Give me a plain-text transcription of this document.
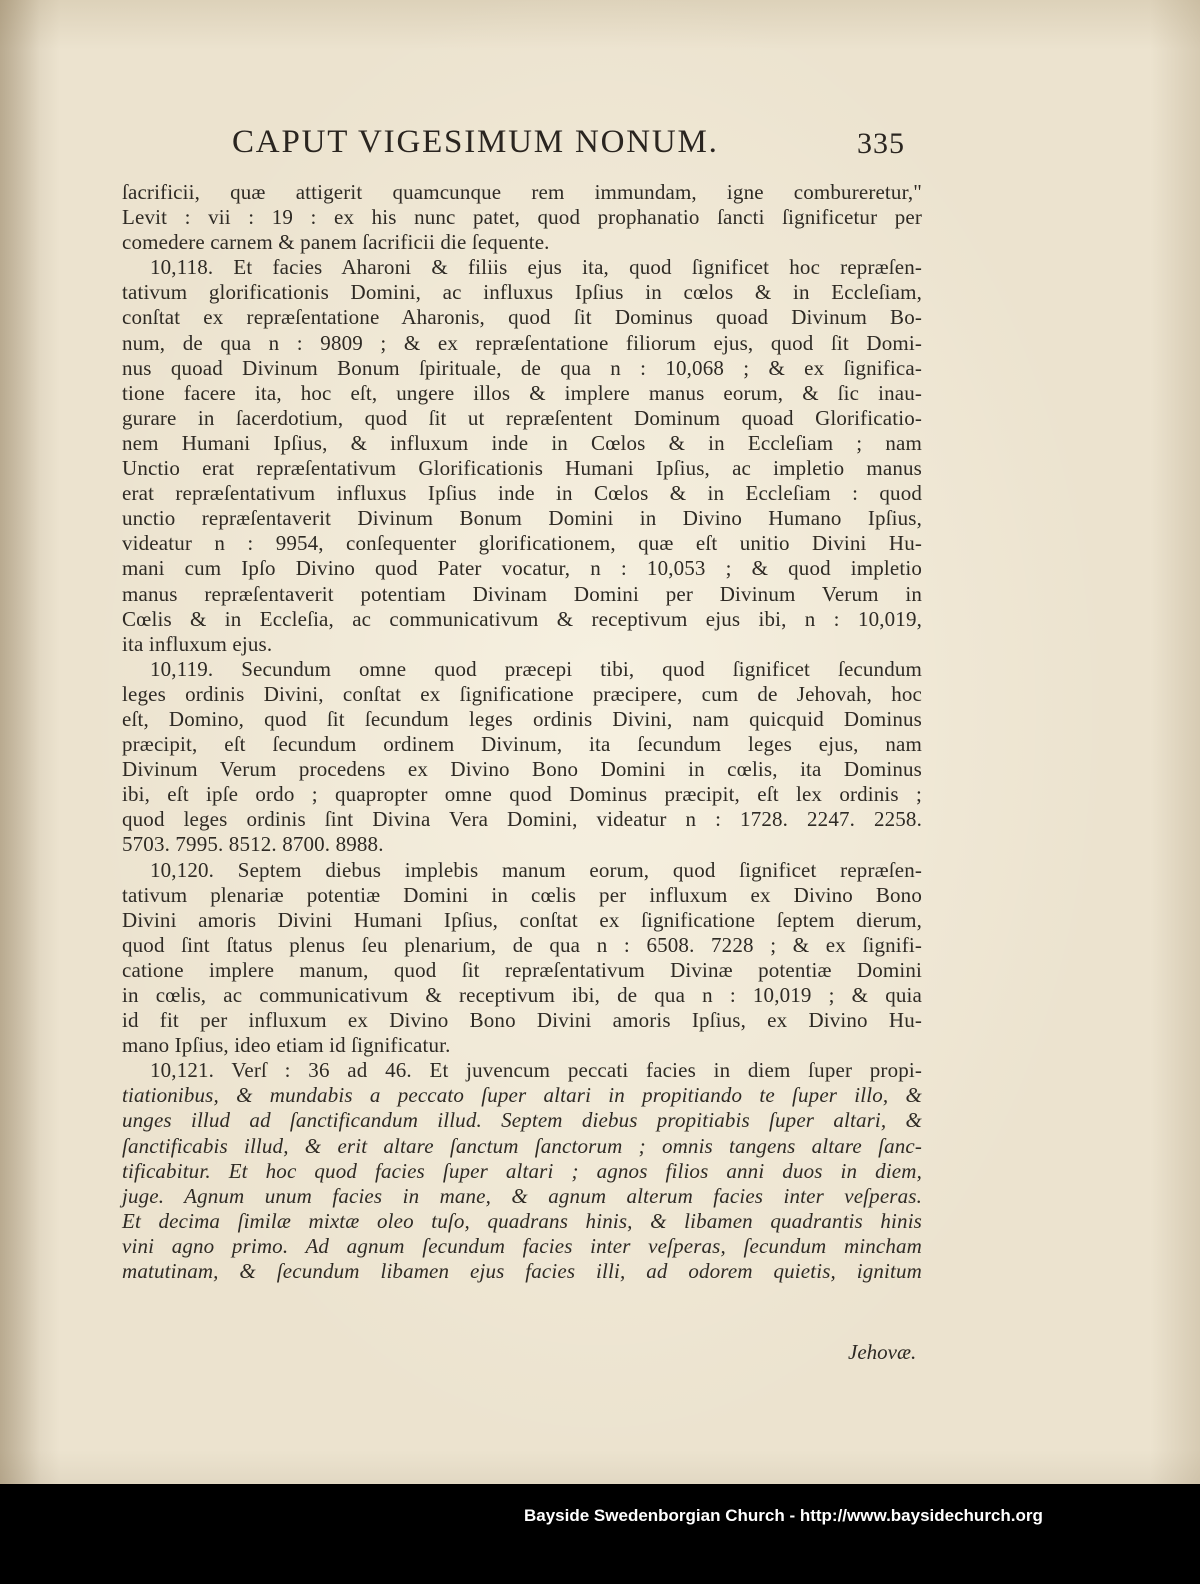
CAPUT VIGESIMUM NONUM.	335
ſacrificii, quæ attigerit quamcunque rem immundam, igne combureretur,"
Levit : vii : 19 : ex his nunc patet, quod prophanatio ſancti ſignificetur per
comedere carnem & panem ſacrificii die ſequente.
10,118. Et facies Aharoni & filiis ejus ita, quod ſignificet hoc repræſen-
tativum glorificationis Domini, ac influxus Ipſius in cœlos & in Eccleſiam,
conſtat ex repræſentatione Aharonis, quod ſit Dominus quoad Divinum Bo-
num, de qua n : 9809 ; & ex repræſentatione filiorum ejus, quod ſit Domi-
nus quoad Divinum Bonum ſpirituale, de qua n : 10,068 ; & ex ſignifica-
tione facere ita, hoc eſt, ungere illos & implere manus eorum, & ſic inau-
gurare in ſacerdotium, quod ſit ut repræſentent Dominum quoad Glorificatio-
nem Humani Ipſius, & influxum inde in Cœlos & in Eccleſiam ; nam
Unctio erat repræſentativum Glorificationis Humani Ipſius, ac impletio manus
erat repræſentativum influxus Ipſius inde in Cœlos & in Eccleſiam : quod
unctio repræſentaverit Divinum Bonum Domini in Divino Humano Ipſius,
videatur n : 9954, conſequenter glorificationem, quæ eſt unitio Divini Hu-
mani cum Ipſo Divino quod Pater vocatur, n : 10,053 ; & quod impletio
manus repræſentaverit potentiam Divinam Domini per Divinum Verum in
Cœlis & in Eccleſia, ac communicativum & receptivum ejus ibi, n : 10,019,
ita influxum ejus.
10,119. Secundum omne quod præcepi tibi, quod ſignificet ſecundum
leges ordinis Divini, conſtat ex ſignificatione præcipere, cum de Jehovah, hoc
eſt, Domino, quod ſit ſecundum leges ordinis Divini, nam quicquid Dominus
præcipit, eſt ſecundum ordinem Divinum, ita ſecundum leges ejus, nam
Divinum Verum procedens ex Divino Bono Domini in cœlis, ita Dominus
ibi, eſt ipſe ordo ; quapropter omne quod Dominus præcipit, eſt lex ordinis ;
quod leges ordinis ſint Divina Vera Domini, videatur n : 1728. 2247. 2258.
5703. 7995. 8512. 8700. 8988.
10,120. Septem diebus implebis manum eorum, quod ſignificet repræſen-
tativum plenariæ potentiæ Domini in cœlis per influxum ex Divino Bono
Divini amoris Divini Humani Ipſius, conſtat ex ſignificatione ſeptem dierum,
quod ſint ſtatus plenus ſeu plenarium, de qua n : 6508. 7228 ; & ex ſignifi-
catione implere manum, quod ſit repræſentativum Divinæ potentiæ Domini
in cœlis, ac communicativum & receptivum ibi, de qua n : 10,019 ; & quia
id fit per influxum ex Divino Bono Divini amoris Ipſius, ex Divino Hu-
mano Ipſius, ideo etiam id ſignificatur.
10,121. Verſ : 36 ad 46. Et juvencum peccati facies in diem ſuper propi-
tiationibus, & mundabis a peccato ſuper altari in propitiando te ſuper illo, &
unges illud ad ſanctificandum illud. Septem diebus propitiabis ſuper altari, &
ſanctificabis illud, & erit altare ſanctum ſanctorum ; omnis tangens altare ſanc-
tificabitur. Et hoc quod facies ſuper altari ; agnos filios anni duos in diem,
juge. Agnum unum facies in mane, & agnum alterum facies inter veſperas.
Et decima ſimilæ mixtæ oleo tuſo, quadrans hinis, & libamen quadrantis hinis
vini agno primo. Ad agnum ſecundum facies inter veſperas, ſecundum mincham
matutinam, & ſecundum libamen ejus facies illi, ad odorem quietis, ignitum
Jehovæ.
Bayside Swedenborgian Church - http://www.baysidechurch.org
